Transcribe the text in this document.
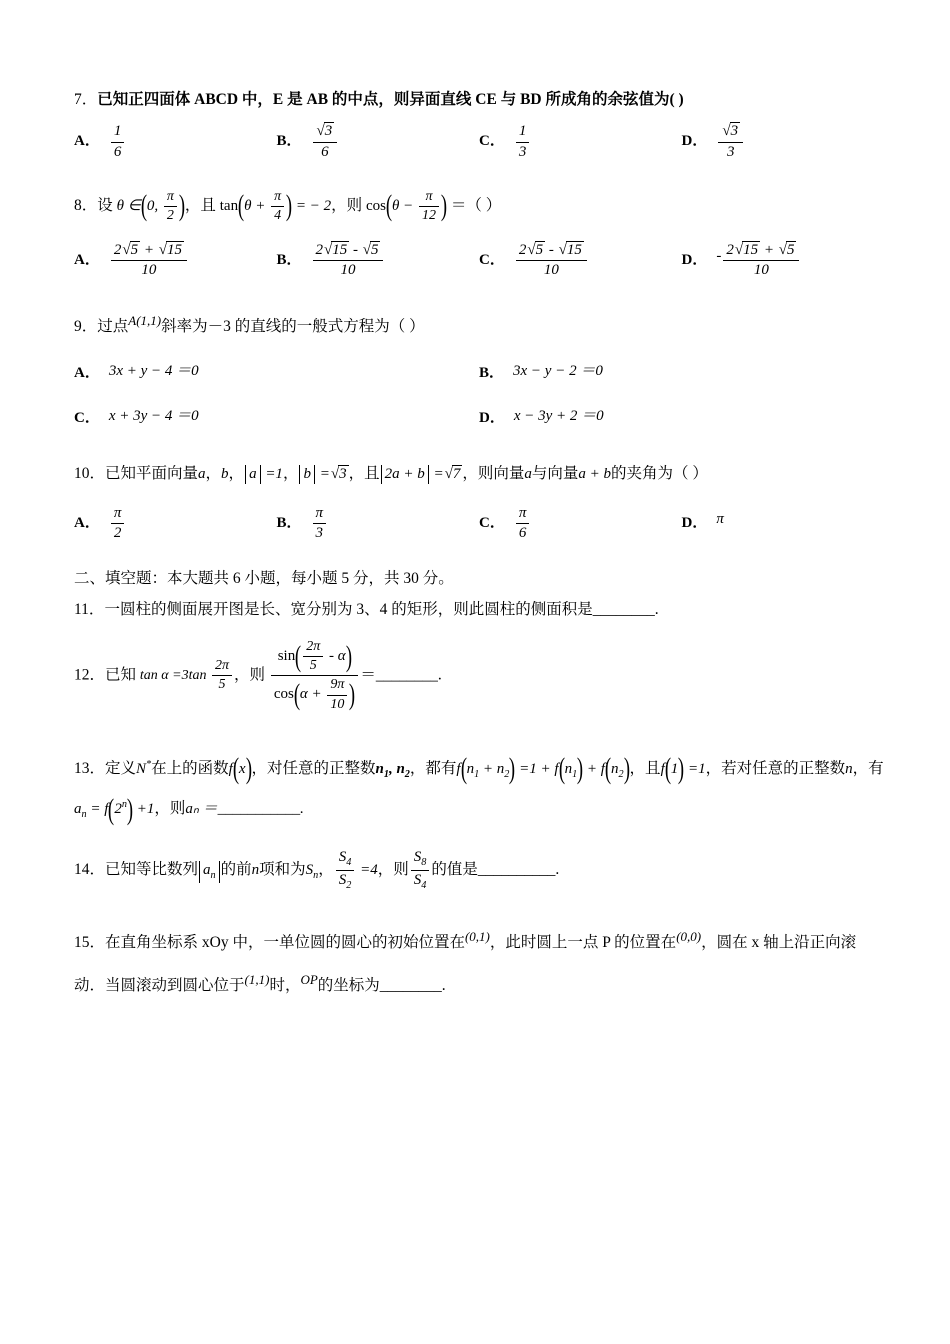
7．已知正四面体 ABCD 中，E 是 AB 的中点，则异面直线 CE 与 BD 所成角的余弦值为( )
A． $\frac{1}{6}$	B． $\frac{√3}{6}$	C． $\frac{1}{3}$	D． $\frac{√3}{3}$
8．设 θ ∈(0, $\frac{\pi}{2}$ )，且 $\tan(\theta + \frac{\pi}{4}$ ) = − 2，则 $\cos(\theta - \frac{\pi}{12}$ ) ＝（ ）
A． $\frac{2√5 + √15}{10}$	B． $\frac{2√15 - √5}{10}$	C． $\frac{2√5 - √15}{10}$	D． - $\frac{2√15 + √5}{10}$
9．过点$^{A(1,1)}$斜率为－3 的直线的一般式方程为（ ）
A． 3x + y − 4 ＝0	B． 3x − y − 2 ＝0
C． x + 3y − 4 ＝0	D． x − 3y + 2 ＝0
10．已知平面向量a，b， a =1， b =√3 ，且 2a + b =√7 ，则向量a与向量a + b的夹角为（ ）
A． $\frac{\pi}{2}$	B． $\frac{\pi}{3}$	C． $\frac{\pi}{6}$	D． π
二、填空题：本大题共 6 小题，每小题 5 分，共 30 分。
11．一圆柱的侧面展开图是长、宽分别为 3、4 的矩形，则此圆柱的侧面积是________.
12．已知 $\tan \alpha =3\tan \frac{2\pi}{5}$ ，则 $\frac{\sin( \frac{2\pi}{5} - \alpha)}{\cos(\alpha + \frac{9\pi}{10} )}$ ＝________.
13．定义N*在上的函数f(x)，对任意的正整数$n_1$, $n_2$，都有$f(n_1 + n_2) =1 + f(n_1) + f(n_2)$，且f(1) =1，若对任意的正整数n，有$a_n = f(2^n) +1$，则aₙ ＝___________.
14．已知等比数列 $a_n$ 的前n项和为$S_n$， $\frac{S_4}{S_2} =4$，则 $\frac{S_8}{S_4}$ 的值是__________.
15．在直角坐标系 xOy 中，一单位圆的圆心的初始位置在$^{(0,1)}$，此时圆上一点 P 的位置在$^{(0,0)}$，圆在 x 轴上沿正向滚动．当圆滚动到圆心位于$^{(1,1)}$时，$^{OP}$的坐标为________.
